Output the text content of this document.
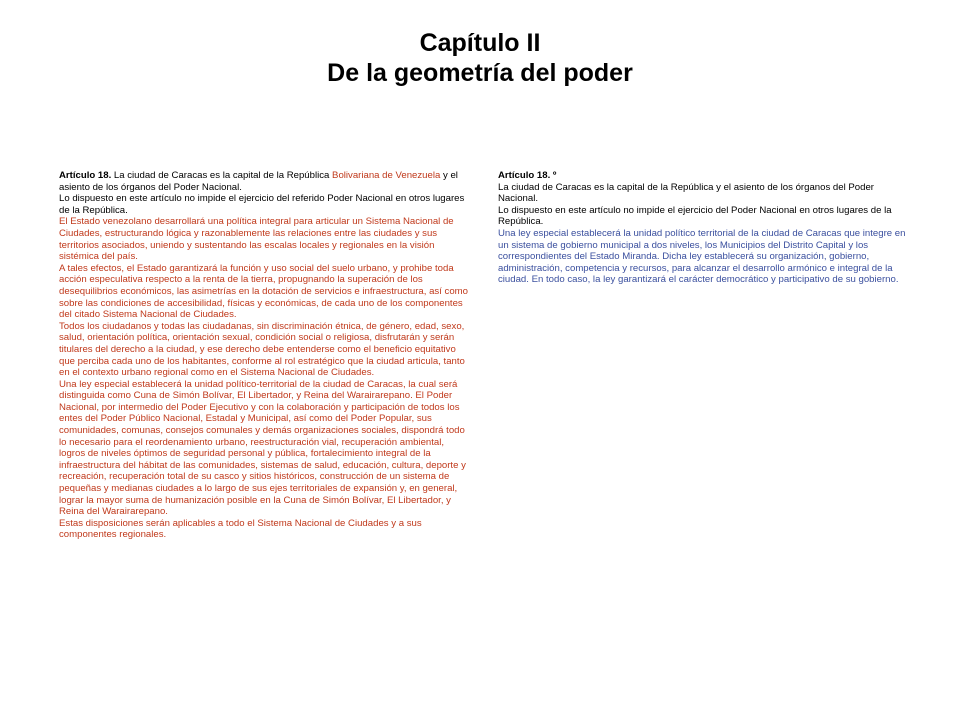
Capítulo II
De la geometría del poder

Artículo 18. La ciudad de Caracas es la capital de la República Bolivariana de Venezuela y el asiento de los órganos del Poder Nacional.

Lo dispuesto en este artículo no impide el ejercicio del referido Poder Nacional en otros lugares de la República.

El Estado venezolano desarrollará una política integral para articular un Sistema Nacional de Ciudades, estructurando lógica y razonablemente las relaciones entre las ciudades y sus territorios asociados, uniendo y sustentando las escalas locales y regionales en la visión sistémica del país.

A tales efectos, el Estado garantizará la función y uso social del suelo urbano, y prohibe toda acción especulativa respecto a la renta de la tierra, propugnando la superación de los desequilibrios económicos, las asimetrías en la dotación de servicios e infraestructura, así como sobre las condiciones de accesibilidad, físicas y económicas, de cada uno de los componentes del citado Sistema Nacional de Ciudades.

Todos los ciudadanos y todas las ciudadanas, sin discriminación étnica, de género, edad, sexo, salud, orientación política, orientación sexual, condición social o religiosa, disfrutarán y serán titulares del derecho a la ciudad, y ese derecho debe entenderse como el beneficio equitativo que perciba cada uno de los habitantes, conforme al rol estratégico que la ciudad articula, tanto en el contexto urbano regional como en el Sistema Nacional de Ciudades.

Una ley especial establecerá la unidad político-territorial de la ciudad de Caracas, la cual será distinguida como Cuna de Simón Bolívar, El Libertador, y Reina del Warairarepano. El Poder Nacional, por intermedio del Poder Ejecutivo y con la colaboración y participación de todos los entes del Poder Público Nacional, Estadal y Municipal, así como del Poder Popular, sus comunidades, comunas, consejos comunales y demás organizaciones sociales, dispondrá todo lo necesario para el reordenamiento urbano, reestructuración vial, recuperación ambiental, logros de niveles óptimos de seguridad personal y pública, fortalecimiento integral de la infraestructura del hábitat de las comunidades, sistemas de salud, educación, cultura, deporte y recreación, recuperación total de su casco y sitios históricos, construcción de un sistema de pequeñas y medianas ciudades a lo largo de sus ejes territoriales de expansión y, en general, lograr la mayor suma de humanización posible en la Cuna de Simón Bolívar, El Libertador, y Reina del Warairarepano.

Estas disposiciones serán aplicables a todo el Sistema Nacional de Ciudades y a sus componentes regionales.

Artículo 18. º

La ciudad de Caracas es la capital de la República y el asiento de los órganos del Poder Nacional.

Lo dispuesto en este artículo no impide el ejercicio del Poder Nacional en otros lugares de la República.

Una ley especial establecerá la unidad político territorial de la ciudad de Caracas que integre en un sistema de gobierno municipal a dos niveles, los Municipios del Distrito Capital y los correspondientes del Estado Miranda. Dicha ley establecerá su organización, gobierno, administración, competencia y recursos, para alcanzar el desarrollo armónico e integral de la ciudad. En todo caso, la ley garantizará el carácter democrático y participativo de su gobierno.
